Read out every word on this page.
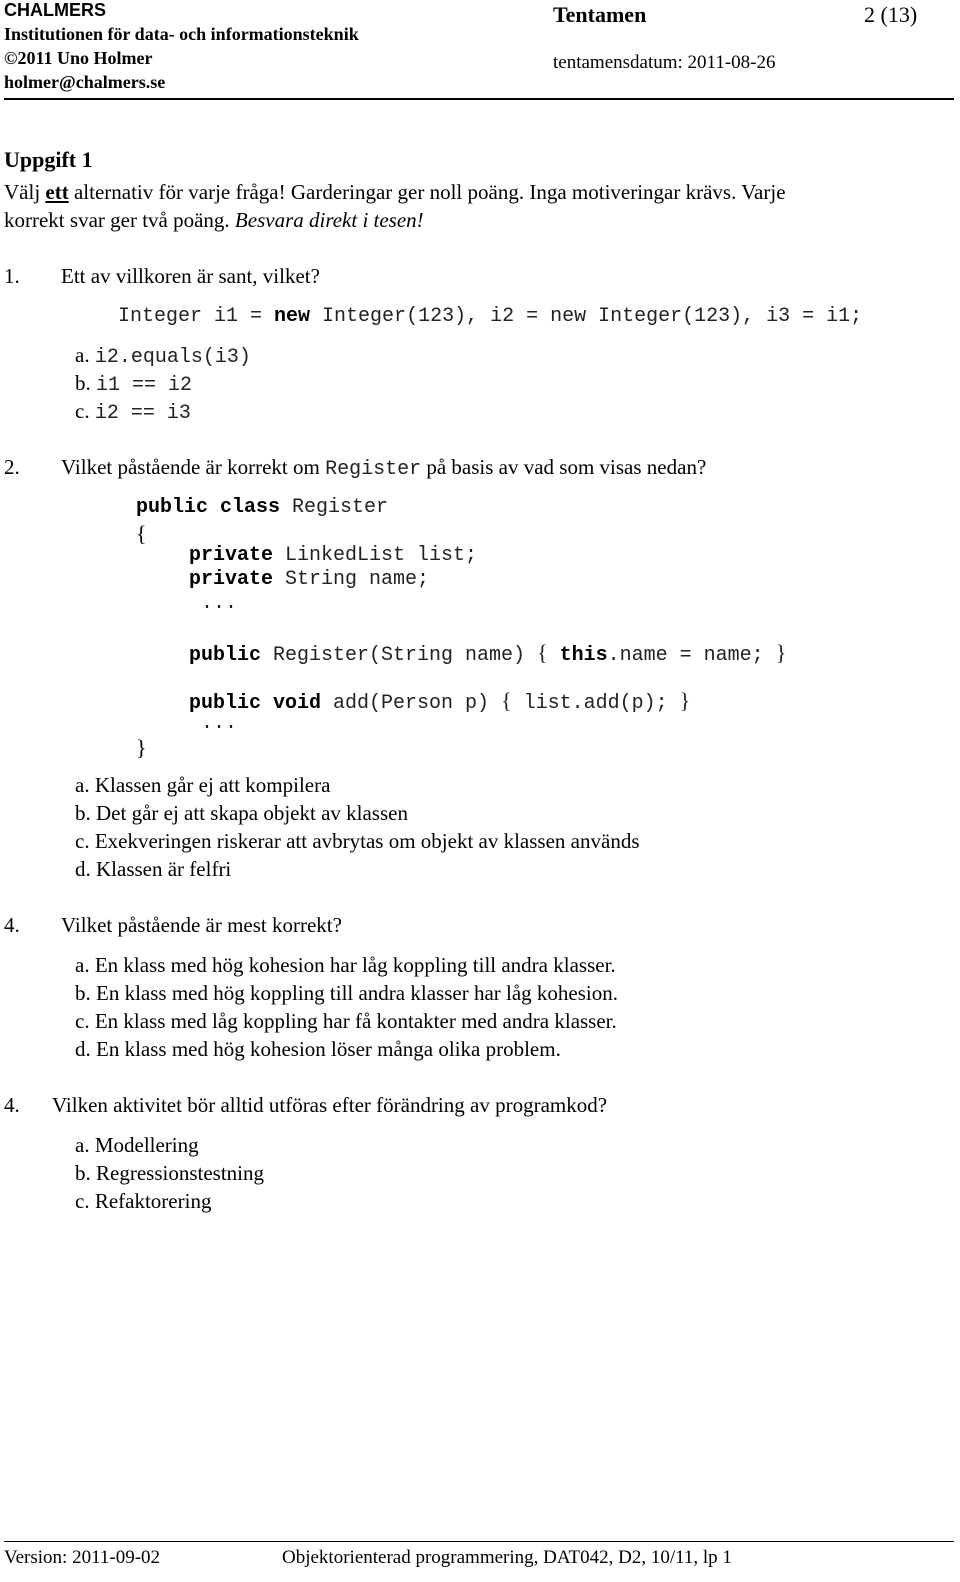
CHALMERS
Institutionen för data- och informationsteknik
©2011 Uno Holmer
holmer@chalmers.se
Tentamen	2 (13)
tentamensdatum: 2011-08-26
Uppgift 1
Välj ett alternativ för varje fråga! Garderingar ger noll poäng. Inga motiveringar krävs. Varje
korrekt svar ger två poäng. Besvara direkt i tesen!
1. Ett av villkoren är sant, vilket?
Integer i1 = new Integer(123), i2 = new Integer(123), i3 = i1;
a. i2.equals(i3)
b. i1 == i2
c. i2 == i3
2. Vilket påstående är korrekt om Register på basis av vad som visas nedan?
public class Register
{
private LinkedList list;
private String name;
...
public Register(String name) { this.name = name; }
public void add(Person p) { list.add(p); }
...
}
a. Klassen går ej att kompilera
b. Det går ej att skapa objekt av klassen
c. Exekveringen riskerar att avbrytas om objekt av klassen används
d. Klassen är felfri
4. Vilket påstående är mest korrekt?
a. En klass med hög kohesion har låg koppling till andra klasser.
b. En klass med hög koppling till andra klasser har låg kohesion.
c. En klass med låg koppling har få kontakter med andra klasser.
d. En klass med hög kohesion löser många olika problem.
4. Vilken aktivitet bör alltid utföras efter förändring av programkod?
a. Modellering
b. Regressionstestning
c. Refaktorering
Version: 2011-09-02	Objektorienterad programmering, DAT042, D2, 10/11, lp 1
